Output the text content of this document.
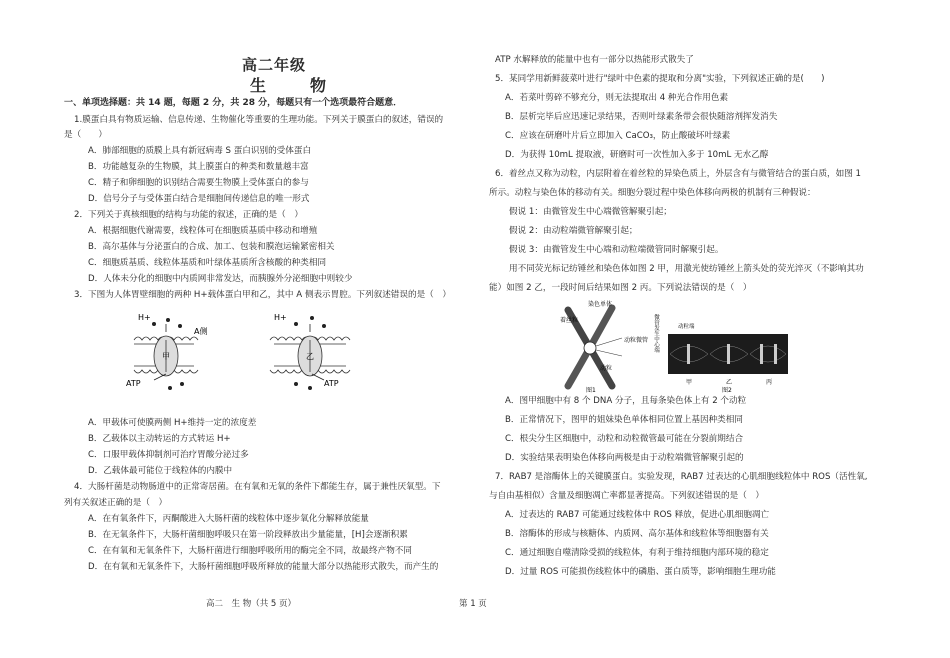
高二年级
生　物
一、单项选择题：共 14 题，每题 2 分，共 28 分，每题只有一个选项最符合题意．
1.膜蛋白具有物质运输、信息传递、生物催化等重要的生理功能。下列关于膜蛋白的叙述，错误的
是（　　）
A．肺部细胞的质膜上具有新冠病毒 S 蛋白识别的受体蛋白
B．功能越复杂的生物膜，其上膜蛋白的种类和数量越丰富
C．精子和卵细胞的识别结合需要生物膜上受体蛋白的参与
D．信号分子与受体蛋白结合是细胞间传递信息的唯一形式
2．下列关于真核细胞的结构与功能的叙述，正确的是（　）
A．根据细胞代谢需要，线粒体可在细胞质基质中移动和增殖
B．高尔基体与分泌蛋白的合成、加工、包装和膜泡运输紧密相关
C．细胞质基质、线粒体基质和叶绿体基质所含核酸的种类相同
D．人体未分化的细胞中内质网非常发达，而胰腺外分泌细胞中则较少
3．下图为人体胃壁细胞的两种 H+载体蛋白甲和乙，其中 A 侧表示胃腔。下列叙述错误的是（　）
甲
H+
A侧
ATP
乙
H+
ATP
A．甲载体可使膜两侧 H+维持一定的浓度差
B．乙载体以主动转运的方式转运 H+
C．口服甲载体抑制剂可治疗胃酸分泌过多
D．乙载体最可能位于线粒体的内膜中
4．大肠杆菌是动物肠道中的正常寄居菌。在有氧和无氧的条件下都能生存，属于兼性厌氧型。下
列有关叙述正确的是（　）
A．在有氧条件下，丙酮酸进入大肠杆菌的线粒体中逐步氧化分解释放能量
B．在无氧条件下，大肠杆菌细胞呼吸只在第一阶段释放出少量能量，[H]会逐渐积累
C．在有氧和无氧条件下，大肠杆菌进行细胞呼吸所用的酶完全不同，故最终产物不同
D．在有氧和无氧条件下，大肠杆菌细胞呼吸所释放的能量大部分以热能形式散失，而产生的
高二　生 物（共 5 页）
ATP 水解释放的能量中也有一部分以热能形式散失了
5．某同学用新鲜菠菜叶进行"绿叶中色素的提取和分离"实验，下列叙述正确的是(　　)
A．若菜叶剪碎不够充分，则无法提取出 4 种光合作用色素
B．层析完毕后应迅速记录结果，否则叶绿素条带会很快随溶剂挥发消失
C．应该在研磨叶片后立即加入 CaCO₃，防止酸破坏叶绿素
D．为获得 10mL 提取液，研磨时可一次性加入多于 10mL 无水乙醇
6．着丝点又称为动粒，内层附着在着丝粒的异染色质上，外层含有与微管结合的蛋白质，如图 1
所示。动粒与染色体的移动有关。细胞分裂过程中染色体移向两极的机制有三种假说：
假说 1：由微管发生中心端微管解聚引起；
假说 2：由动粒端微管解聚引起；
假说 3：由微管发生中心端和动粒端微管同时解聚引起。
用不同荧光标记纺锤丝和染色体如图 2 甲，用激光使纺锤丝上箭头处的荧光淬灭（不影响其功
能）如图 2 乙，一段时间后结果如图 2 丙。下列说法错误的是（　）
染色单体
着丝粒
动粒微管
动粒
图1
微管发生中心端	动粒端
甲	乙	丙
图2
A．图甲细胞中有 8 个 DNA 分子，且每条染色体上有 2 个动粒
B．正常情况下，图甲的姐妹染色单体相同位置上基因种类相同
C．根尖分生区细胞中，动粒和动粒微管最可能在分裂前期结合
D．实验结果表明染色体移向两极是由于动粒端微管解聚引起的
7．RAB7 是溶酶体上的关键膜蛋白。实验发现，RAB7 过表达的心肌细胞线粒体中 ROS（活性氧,
与自由基相似）含量及细胞凋亡率都显著提高。下列叙述错误的是（　）
A．过表达的 RAB7 可能通过线粒体中 ROS 释放，促进心肌细胞凋亡
B．溶酶体的形成与核糖体、内质网、高尔基体和线粒体等细胞器有关
C．通过细胞自噬清除受损的线粒体，有利于维持细胞内部环境的稳定
D．过量 ROS 可能损伤线粒体中的磷脂、蛋白质等，影响细胞生理功能
第 1 页
